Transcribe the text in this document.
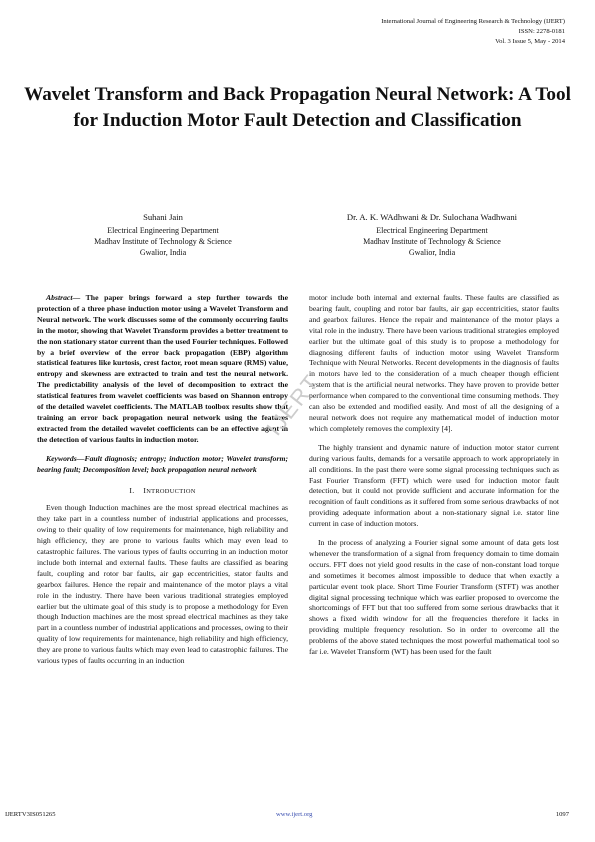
International Journal of Engineering Research & Technology (IJERT)
ISSN: 2278-0181
Vol. 3 Issue 5, May - 2014
Wavelet Transform and Back Propagation Neural Network: A Tool for Induction Motor Fault Detection and Classification
Suhani Jain
Electrical Engineering Department
Madhav Institute of Technology & Science
Gwalior, India
Dr. A. K. WAdhwani & Dr. Sulochana Wadhwani
Electrical Engineering Department
Madhav Institute of Technology & Science
Gwalior, India

Abstract— The paper brings forward a step further towards the protection of a three phase induction motor using a Wavelet Transform and Neural network. The work discusses some of the commonly occurring faults in the motor, showing that Wavelet Transform provides a better treatment to the non stationary stator current than the used Fourier techniques. Followed by a brief overview of the error back propagation (EBP) algorithm statistical features like kurtosis, crest factor, root mean square (RMS) value, entropy and skewness are extracted to train and test the neural network. The predictability analysis of the level of decomposition to extract the statistical features from wavelet coefficients was based on Shannon entropy of the detailed wavelet coefficients. The MATLAB toolbox results show that training an error back propagation neural network using the features extracted from the detailed wavelet coefficients can be an effective agent in the detection of various faults in induction motor.

Keywords—Fault diagnosis; entropy; induction motor; Wavelet transform; bearing fault; Decomposition level; back propagation neural network

I. INTRODUCTION

Even though Induction machines are the most spread electrical machines as they take part in a countless number of industrial applications and processes, owing to their quality of low requirements for maintenance, high reliability and high efficiency, they are prone to various faults which may even lead to catastrophic failures. The various types of faults occurring in an induction motor include both internal and external faults. These faults are classified as bearing fault, coupling and rotor bar faults, air gap eccentricities, stator faults and gearbox failures. Hence the repair and maintenance of the motor plays a vital role in the industry. There have been various traditional strategies employed earlier but the ultimate goal of this study is to propose a methodology for Even though Induction machines are the most spread electrical machines as they take part in a countless number of industrial applications and processes, owing to their quality of low requirements for maintenance, high reliability and high efficiency, they are prone to various faults which may even lead to catastrophic failures. The various types of faults occurring in an induction

motor include both internal and external faults. These faults are classified as bearing fault, coupling and rotor bar faults, air gap eccentricities, stator faults and gearbox failures. Hence the repair and maintenance of the motor plays a vital role in the industry. There have been various traditional strategies employed earlier but the ultimate goal of this study is to propose a methodology for diagnosing different faults of induction motor using Wavelet Transform Technique with Neural Networks. Recent developments in the diagnosis of faults in motors have led to the consideration of a much cheaper though efficient system that is the artificial neural networks. They have proven to provide better performance when compared to the conventional time consuming methods. They can also be extended and modified easily. And most of all the designing of a neural network does not require any mathematical model of induction motor which completely removes the complexity [4].

The highly transient and dynamic nature of induction motor stator current during various faults, demands for a versatile approach to work appropriately in all conditions. In the past there were some signal processing techniques such as Fast Fourier Transform (FFT) which were used for induction motor fault detection, but it could not provide sufficient and accurate information for the recognition of fault conditions as it suffered from some serious drawbacks of not providing adequate information about a non-stationary signal i.e. stator line current in case of induction motors.

In the process of analyzing a Fourier signal some amount of data gets lost whenever the transformation of a signal from frequency domain to time domain occurs. FFT does not yield good results in the case of non-constant load torque and sometimes it becomes almost impossible to deduce that when exactly a particular event took place. Short Time Fourier Transform (STFT) was another digital signal processing technique which was earlier proposed to overcome the shortcomings of FFT but that too suffered from some serious drawbacks that it shows a fixed width window for all the frequencies therefore it lacks in providing multiple frequency resolution. So in order to overcome all the problems of the above stated techniques the most powerful mathematical tool so far i.e. Wavelet Transform (WT) has been used for the fault

IJERT
IJERTV3IS051265	www.ijert.org	1097
